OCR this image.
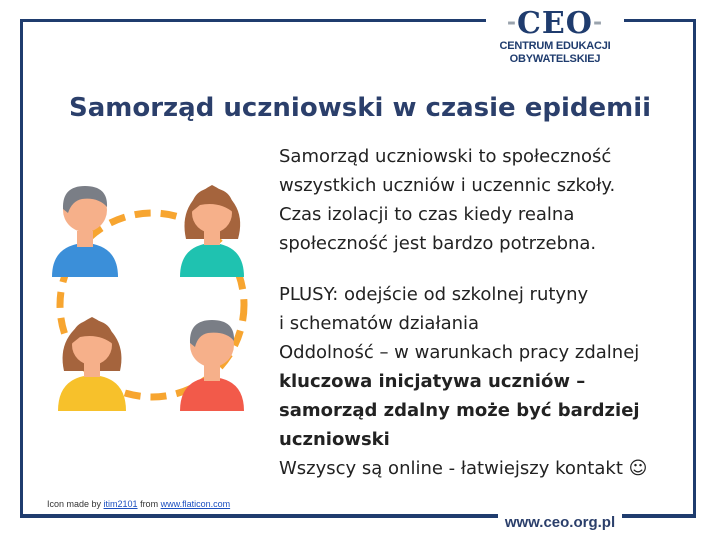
-CEO-
CENTRUM EDUKACJI
OBYWATELSKIEJ
Samorząd uczniowski w czasie epidemii
Icon made by itim2101 from www.flaticon.com

Samorząd uczniowski to społeczność

wszystkich uczniów i uczennic szkoły.

Czas izolacji to czas kiedy realna

społeczność jest bardzo potrzebna.

PLUSY: odejście od szkolnej rutyny

i schematów działania

Oddolność – w warunkach pracy zdalnej

kluczowa inicjatywa uczniów –

samorząd zdalny może być bardziej

uczniowski

Wszyscy są online - łatwiejszy kontakt ☺

www.ceo.org.pl
